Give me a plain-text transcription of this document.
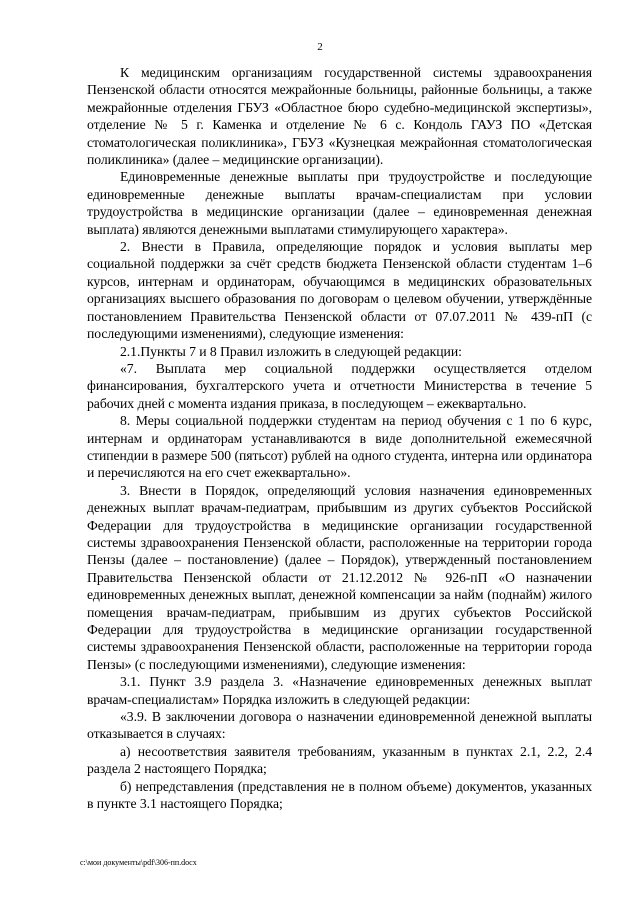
2

К медицинским организациям государственной системы здравоохранения Пензенской области относятся межрайонные больницы, районные больницы, а также межрайонные отделения ГБУЗ «Областное бюро судебно-медицинской экспертизы», отделение № 5 г. Каменка и отделение № 6 с. Кондоль ГАУЗ ПО «Детская стоматологическая поликлиника», ГБУЗ «Кузнецкая межрайонная стоматологическая поликлиника» (далее – медицинские организации).

Единовременные денежные выплаты при трудоустройстве и последующие единовременные денежные выплаты врачам-специалистам при условии трудоустройства в медицинские организации (далее – единовременная денежная выплата) являются денежными выплатами стимулирующего характера».

2. Внести в Правила, определяющие порядок и условия выплаты мер социальной поддержки за счёт средств бюджета Пензенской области студентам 1–6 курсов, интернам и ординаторам, обучающимся в медицинских образовательных организациях высшего образования по договорам о целевом обучении, утверждённые постановлением Правительства Пензенской области от 07.07.2011 № 439-пП (с последующими изменениями), следующие изменения:

2.1.Пункты 7 и 8 Правил изложить в следующей редакции:

«7. Выплата мер социальной поддержки осуществляется отделом финансирования, бухгалтерского учета и отчетности Министерства в течение 5 рабочих дней с момента издания приказа, в последующем – ежеквартально.

8. Меры социальной поддержки студентам на период обучения с 1 по 6 курс, интернам и ординаторам устанавливаются в виде дополнительной ежемесячной стипендии в размере 500 (пятьсот) рублей на одного студента, интерна или ординатора и перечисляются на его счет ежеквартально».

3. Внести в Порядок, определяющий условия назначения единовременных денежных выплат врачам-педиатрам, прибывшим из других субъектов Российской Федерации для трудоустройства в медицинские организации государственной системы здравоохранения Пензенской области, расположенные на территории города Пензы (далее – постановление) (далее – Порядок), утвержденный постановлением Правительства Пензенской области от 21.12.2012 № 926-пП «О назначении единовременных денежных выплат, денежной компенсации за найм (поднайм) жилого помещения врачам-педиатрам, прибывшим из других субъектов Российской Федерации для трудоустройства в медицинские организации государственной системы здравоохранения Пензенской области, расположенные на территории города Пензы» (с последующими изменениями), следующие изменения:

3.1. Пункт 3.9 раздела 3. «Назначение единовременных денежных выплат врачам-специалистам» Порядка изложить в следующей редакции:

«3.9. В заключении договора о назначении единовременной денежной выплаты отказывается в случаях:

а) несоответствия заявителя требованиям, указанным в пунктах 2.1, 2.2, 2.4 раздела 2 настоящего Порядка;

б) непредставления (представления не в полном объеме) документов, указанных в пункте 3.1 настоящего Порядка;

c:\мои документы\pdf\306-пп.docx
